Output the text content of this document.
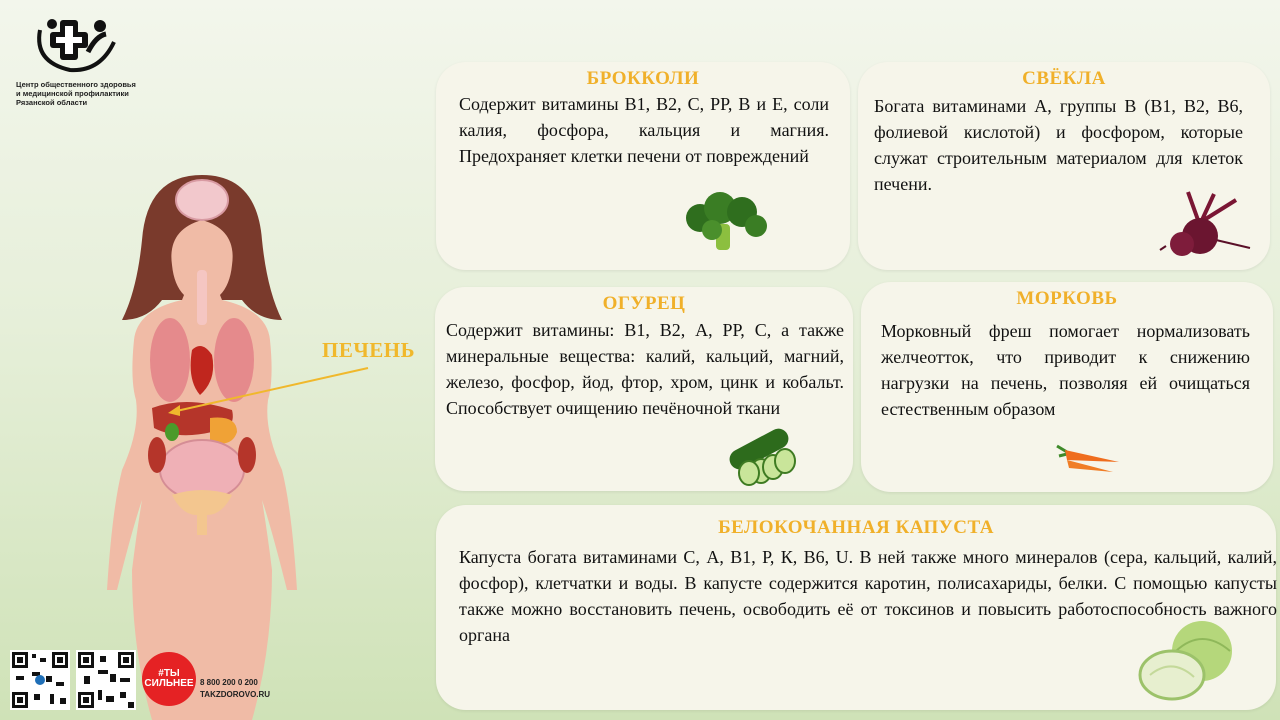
Центр общественного здоровья
и медицинской профилактики
Рязанской области
ПЕЧЕНЬ
БРОККОЛИ

Содержит витамины В1, В2, С, РР, В и Е, соли калия, фосфора, кальция и магния. Предохраняет клетки печени от повреждений

СВЁКЛА

Богата витаминами А, группы В (В1, В2, В6, фолиевой кислотой) и фосфором, которые служат строительным материалом для клеток печени.

ОГУРЕЦ

Содержит витамины: В1, В2, А, РР, С, а также минеральные вещества: калий, кальций, магний, железо, фосфор, йод, фтор, хром, цинк и кобальт. Способствует очищению печёночной ткани

МОРКОВЬ

Морковный фреш помогает нормализовать желчеотток, что приводит к снижению нагрузки на печень, позволяя ей очищаться естественным образом

БЕЛОКОЧАННАЯ КАПУСТА

Капуста богата витаминами С, А, В1, Р, К, В6, U. В ней также много минералов (сера, кальций, калий, фосфор), клетчатки и воды. В капусте содержится каротин, полисахариды, белки. С помощью капусты также можно восстановить печень, освободить её от токсинов и повысить работоспособность важного органа

#ТЫ СИЛЬНЕЕ 8 800 200 0 200
TAKZDOROVO.RU
